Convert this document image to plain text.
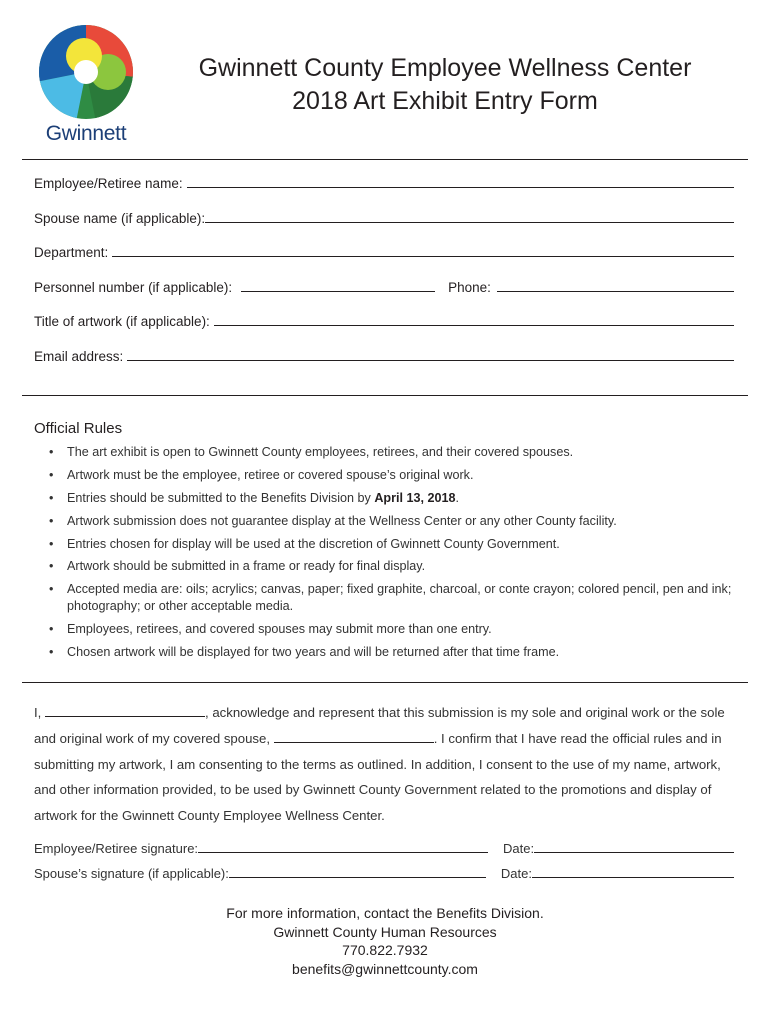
Gwinnett
Gwinnett County Employee Wellness Center
2018 Art Exhibit Entry Form
Employee/Retiree name:
Spouse name (if applicable):
Department:
Personnel number (if applicable):	Phone:
Title of artwork (if applicable):
Email address:
Official Rules
• The art exhibit is open to Gwinnett County employees, retirees, and their covered spouses.
• Artwork must be the employee, retiree or covered spouse’s original work.
• Entries should be submitted to the Benefits Division by April 13, 2018.
• Artwork submission does not guarantee display at the Wellness Center or any other County facility.
• Entries chosen for display will be used at the discretion of Gwinnett County Government.
• Artwork should be submitted in a frame or ready for final display.
• Accepted media are: oils; acrylics; canvas, paper; fixed graphite, charcoal, or conte crayon; colored pencil, pen and ink; photography; or other acceptable media.
• Employees, retirees, and covered spouses may submit more than one entry.
• Chosen artwork will be displayed for two years and will be returned after that time frame.
I,	, acknowledge and represent that this submission is my sole and original work or the sole and original work of my covered spouse,	. I confirm that I have read the official rules and in submitting my artwork, I am consenting to the terms as outlined. In addition, I consent to the use of my name, artwork, and other information provided, to be used by Gwinnett County Government related to the promotions and display of artwork for the Gwinnett County Employee Wellness Center.
Employee/Retiree signature:	Date:
Spouse’s signature (if applicable):	Date:
For more information, contact the Benefits Division.
Gwinnett County Human Resources
770.822.7932
benefits@gwinnettcounty.com
